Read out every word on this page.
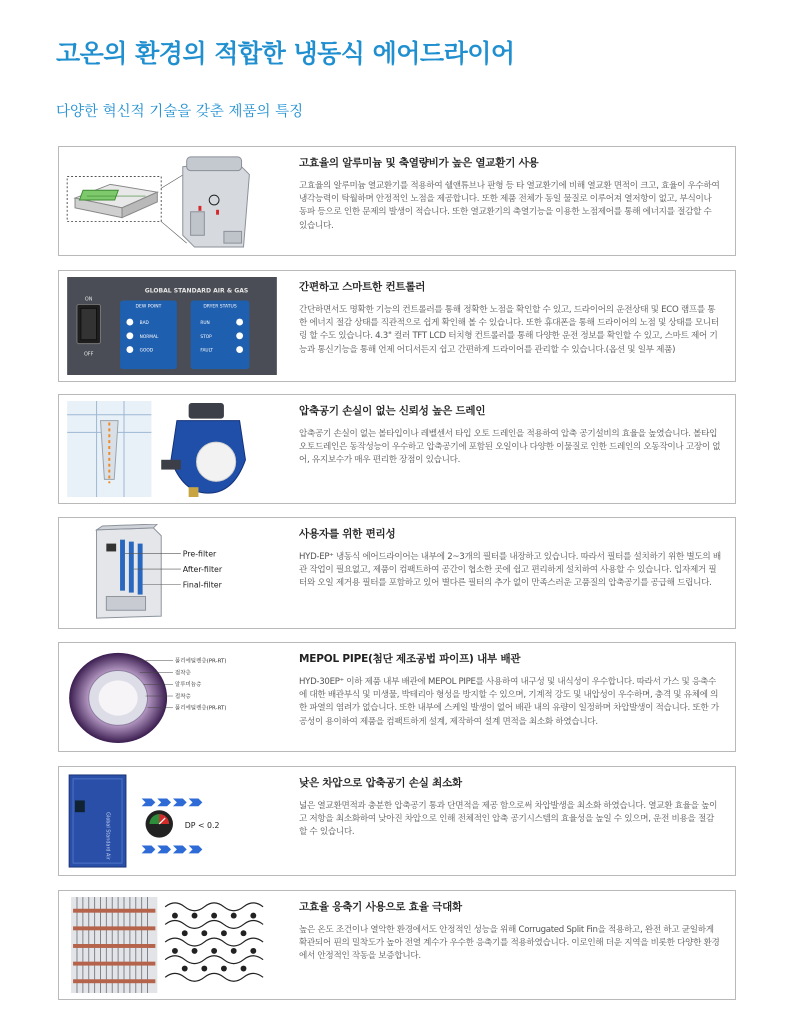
고온의 환경의 적합한 냉동식 에어드라이어
다양한 혁신적 기술을 갖춘 제품의 특징
고효율의 알루미늄 및 축열량비가 높은 열교환기 사용

고효율의 알루미늄 열교환기를 적용하여 쉘앤튜브나 판형 등 타 열교환기에 비해 열교환 면적이 크고, 효율이 우수하여 냉각능력이 탁월하며 안정적인 노점을 제공합니다. 또한 제품 전체가 동일 물질로 이루어져 열저항이 없고, 부식이나 동파 등으로 인한 문제의 발생이 적습니다. 또한 열교환기의 축열기능을 이용한 노점제어를 통해 에너지를 절감할 수 있습니다.

GLOBAL STANDARD AIR & GAS
ON
OFF
DEW POINT
BAD
NORMAL
GOOD
DRYER STATUS
RUN
STOP
FAULT
간편하고 스마트한 컨트롤러

간단하면서도 명확한 기능의 컨트롤러를 통해 정확한 노점을 확인할 수 있고, 드라이어의 운전상태 및 ECO 램프를 통한 에너지 절감 상태를 직관적으로 쉽게 확인해 볼 수 있습니다. 또한 휴대폰을 통해 드라이어의 노점 및 상태를 모니터링 할 수도 있습니다. 4.3" 컬러 TFT LCD 터치형 컨트롤러를 통해 다양한 운전 정보를 확인할 수 있고, 스마트 제어 기능과 통신기능을 통해 언제 어디서든지 쉽고 간편하게 드라이어를 관리할 수 있습니다.(옵션 및 일부 제품)

압축공기 손실이 없는 신뢰성 높은 드레인

압축공기 손실이 없는 볼타입이나 레벨센서 타입 오토 드레인을 적용하여 압축 공기설비의 효율을 높였습니다. 볼타입 오토드레인은 동작성능이 우수하고 압축공기에 포함된 오일이나 다양한 이물질로 인한 드레인의 오동작이나 고장이 없어, 유지보수가 매우 편리한 장점이 있습니다.

Pre-filter
After-filter
Final-filter
사용자를 위한 편리성

HYD-EP⁺ 냉동식 에어드라이어는 내부에 2~3개의 필터를 내장하고 있습니다. 따라서 필터를 설치하기 위한 별도의 배관 작업이 필요없고, 제품이 컴팩트하여 공간이 협소한 곳에 쉽고 편리하게 설치하여 사용할 수 있습니다. 입자제거 필터와 오일 제거용 필터를 포함하고 있어 별다른 필터의 추가 없이 만족스러운 고품질의 압축공기를 공급해 드립니다.

폴리에틸렌층(PR-RT)
접착층
알루미늄층
접착층
폴리에틸렌층(PR-RT)
MEPOL PIPE(첨단 제조공법 파이프) 내부 배관

HYD-30EP⁺ 이하 제품 내부 배관에 MEPOL PIPE를 사용하여 내구성 및 내식성이 우수합니다. 따라서 가스 및 응축수에 대한 배관부식 및 미생물, 박테리아 형성을 방지할 수 있으며, 기계적 강도 및 내압성이 우수하며, 충격 및 유체에 의한 파열의 염려가 없습니다. 또한 내부에 스케일 발생이 없어 배관 내의 유량이 일정하며 차압발생이 적습니다. 또한 가공성이 용이하여 제품을 컴팩트하게 설계, 제작하여 설계 면적을 최소화 하였습니다.

Global Standard Air	DP < 0.2
낮은 차압으로 압축공기 손실 최소화

넓은 열교환면적과 충분한 압축공기 통과 단면적을 제공 함으로써 차압발생을 최소화 하였습니다. 열교환 효율을 높이고 저항을 최소화하여 낮아진 차압으로 인해 전체적인 압축 공기시스템의 효율성을 높일 수 있으며, 운전 비용을 절감할 수 있습니다.

고효율 응축기 사용으로 효율 극대화

높은 온도 조건이나 열악한 환경에서도 안정적인 성능을 위해 Corrugated Split Fin을 적용하고, 완전 하고 균일하게 확관되어 핀의 밀착도가 높아 전열 계수가 우수한 응축기를 적용하였습니다. 이로인해 더운 지역을 비롯한 다양한 환경에서 안정적인 작동을 보증합니다.
